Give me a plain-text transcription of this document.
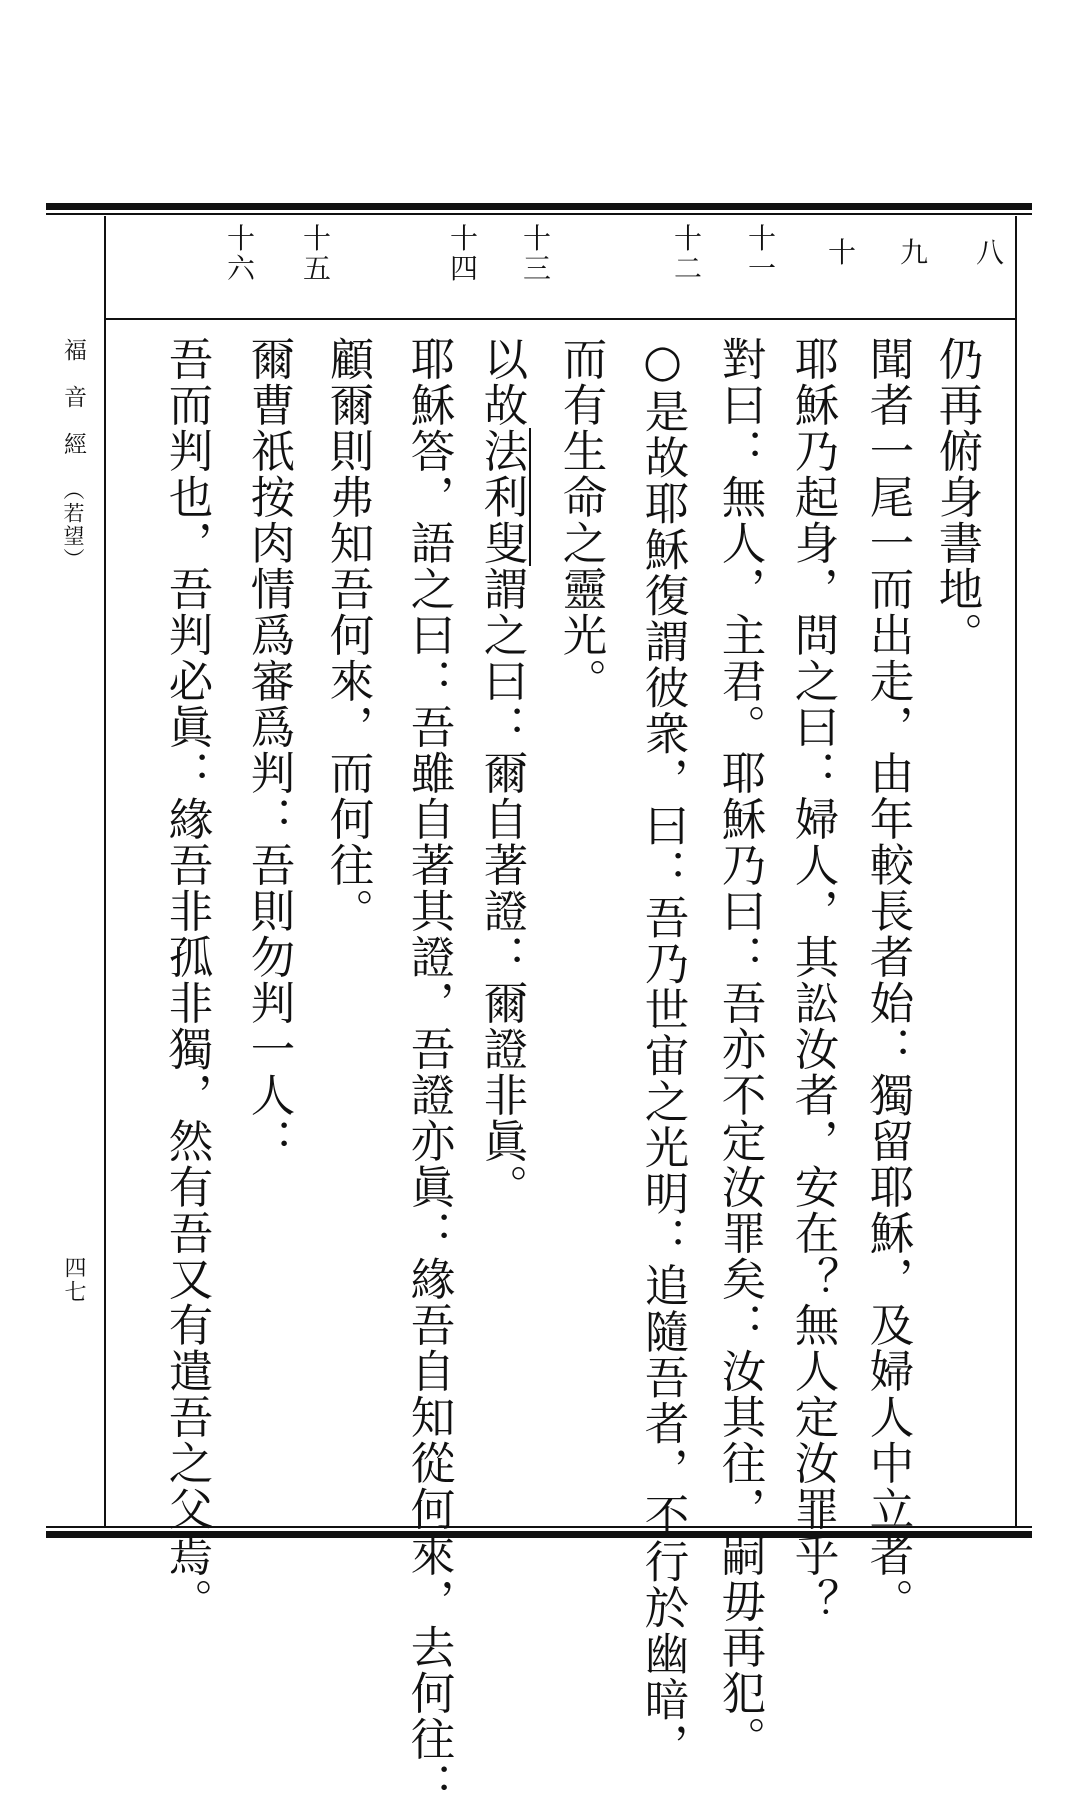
福音經（若望）
四七
八
九
十
十一
十二
十三
十四
十五
十六
仍再俯身書地。
聞者一尾一而出走，由年較長者始：獨留耶穌，及婦人中立者。
耶穌乃起身，問之曰：婦人，其訟汝者，安在？無人定汝罪乎？
對曰：無人，主君。耶穌乃曰：吾亦不定汝罪矣：汝其往，嗣毋再犯。
○是故耶穌復謂彼衆，曰：吾乃世宙之光明：追隨吾者，不行於幽暗，
而有生命之靈光。
以故法利叟謂之曰：爾自著證：爾證非眞。
耶穌答，語之曰：吾雖自著其證，吾證亦眞：緣吾自知從何來，去何往：
顧爾則弗知吾何來，而何往。
爾曹祇按肉情爲審爲判：吾則勿判一人：
吾而判也，吾判必眞：緣吾非孤非獨，然有吾又有遣吾之父焉。
